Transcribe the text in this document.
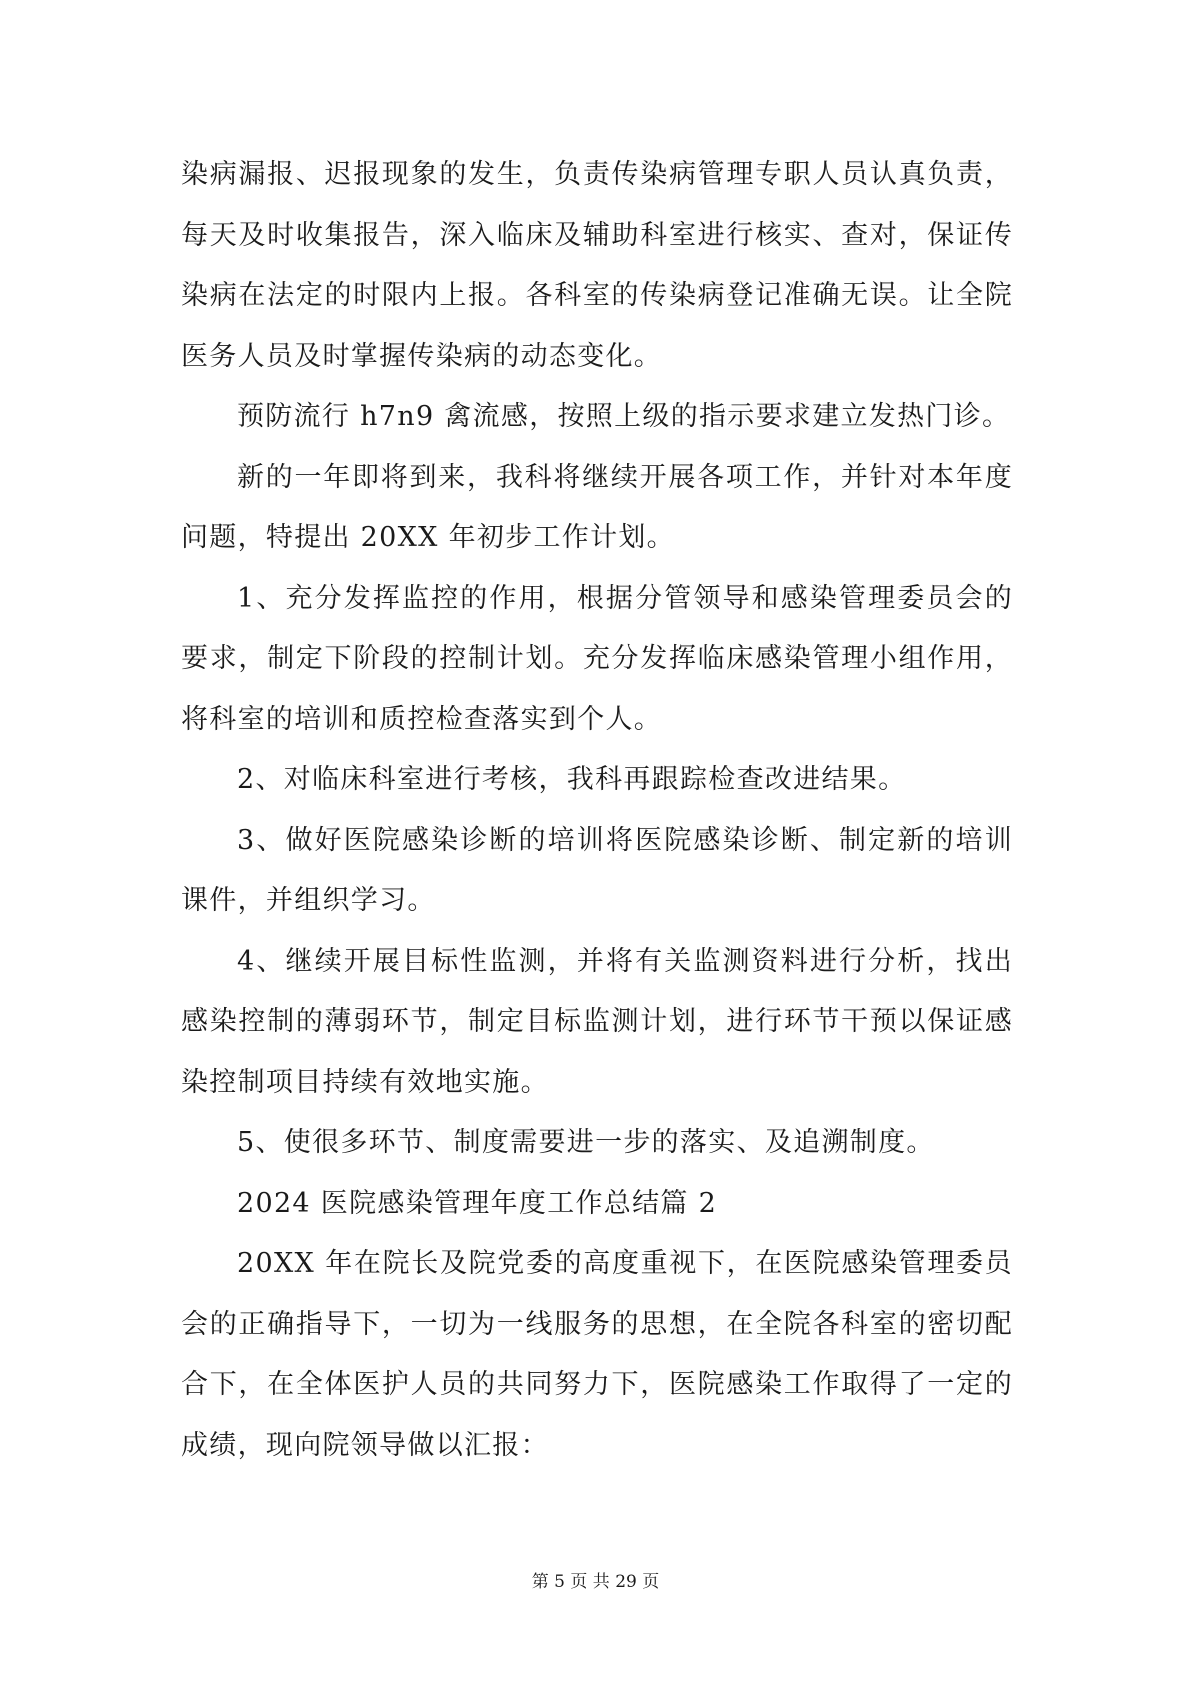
染病漏报、迟报现象的发生，负责传染病管理专职人员认真负责，每天及时收集报告，深入临床及辅助科室进行核实、查对，保证传染病在法定的时限内上报。各科室的传染病登记准确无误。让全院医务人员及时掌握传染病的动态变化。

预防流行 h7n9 禽流感，按照上级的指示要求建立发热门诊。

新的一年即将到来，我科将继续开展各项工作，并针对本年度问题，特提出 20XX 年初步工作计划。

1、充分发挥监控的作用，根据分管领导和感染管理委员会的要求，制定下阶段的控制计划。充分发挥临床感染管理小组作用，将科室的培训和质控检查落实到个人。

2、对临床科室进行考核，我科再跟踪检查改进结果。

3、做好医院感染诊断的培训将医院感染诊断、制定新的培训课件，并组织学习。

4、继续开展目标性监测，并将有关监测资料进行分析，找出感染控制的薄弱环节，制定目标监测计划，进行环节干预以保证感染控制项目持续有效地实施。

5、使很多环节、制度需要进一步的落实、及追溯制度。

2024 医院感染管理年度工作总结篇 2

20XX 年在院长及院党委的高度重视下，在医院感染管理委员会的正确指导下，一切为一线服务的思想，在全院各科室的密切配合下，在全体医护人员的共同努力下，医院感染工作取得了一定的成绩，现向院领导做以汇报：

第 5 页 共 29 页
